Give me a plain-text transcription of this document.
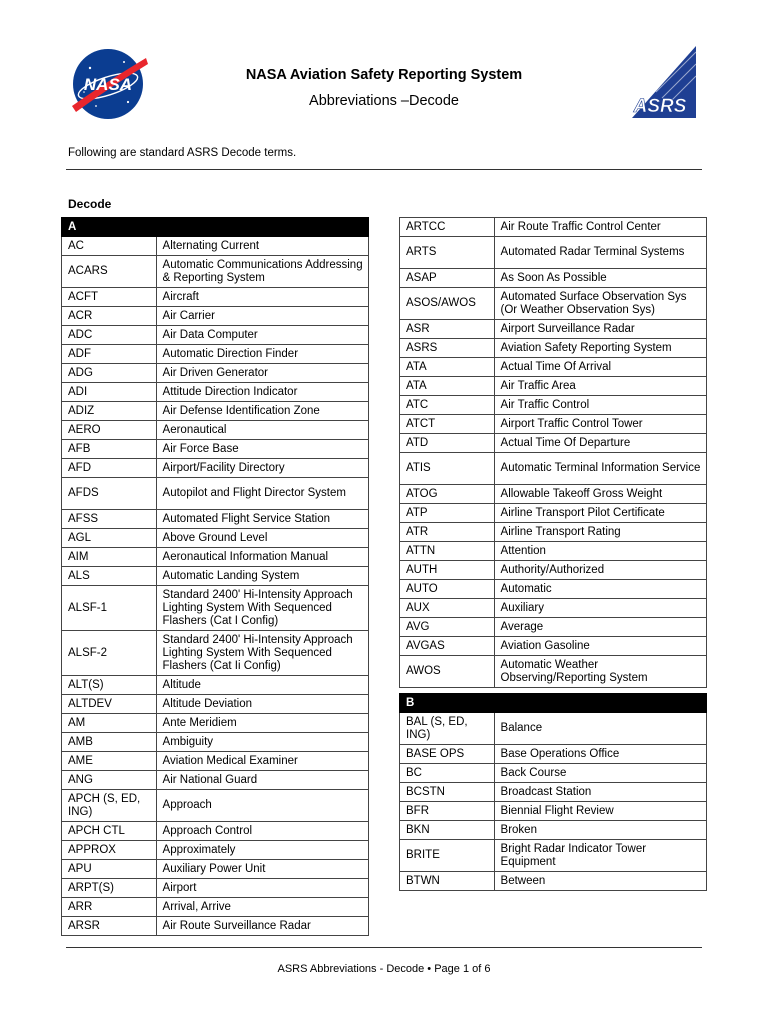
NASA
ASRS
NASA Aviation Safety Reporting System
Abbreviations –Decode
Following are standard ASRS Decode terms.
Decode
A	
AC	Alternating Current
ACARS	Automatic Communications Addressing & Reporting System
ACFT	Aircraft
ACR	Air Carrier
ADC	Air Data Computer
ADF	Automatic Direction Finder
ADG	Air Driven Generator
ADI	Attitude Direction Indicator
ADIZ	Air Defense Identification Zone
AERO	Aeronautical
AFB	Air Force Base
AFD	Airport/Facility Directory
AFDS	Autopilot and Flight Director System
AFSS	Automated Flight Service Station
AGL	Above Ground Level
AIM	Aeronautical Information Manual
ALS	Automatic Landing System
ALSF-1	Standard 2400' Hi-Intensity Approach Lighting System With Sequenced Flashers (Cat I Config)
ALSF-2	Standard 2400' Hi-Intensity Approach Lighting System With Sequenced Flashers (Cat Ii Config)
ALT(S)	Altitude
ALTDEV	Altitude Deviation
AM	Ante Meridiem
AMB	Ambiguity
AME	Aviation Medical Examiner
ANG	Air National Guard
APCH (S, ED, ING)	Approach
APCH CTL	Approach Control
APPROX	Approximately
APU	Auxiliary Power Unit
ARPT(S)	Airport
ARR	Arrival, Arrive
ARSR	Air Route Surveillance Radar
ARTCC	Air Route Traffic Control Center
ARTS	Automated Radar Terminal Systems
ASAP	As Soon As Possible
ASOS/AWOS	Automated Surface Observation Sys (Or Weather Observation Sys)
ASR	Airport Surveillance Radar
ASRS	Aviation Safety Reporting System
ATA	Actual Time Of Arrival
ATA	Air Traffic Area
ATC	Air Traffic Control
ATCT	Airport Traffic Control Tower
ATD	Actual Time Of Departure
ATIS	Automatic Terminal Information Service
ATOG	Allowable Takeoff Gross Weight
ATP	Airline Transport Pilot Certificate
ATR	Airline Transport Rating
ATTN	Attention
AUTH	Authority/Authorized
AUTO	Automatic
AUX	Auxiliary
AVG	Average
AVGAS	Aviation Gasoline
AWOS	Automatic Weather Observing/Reporting System
B	
BAL (S, ED, ING)	Balance
BASE OPS	Base Operations Office
BC	Back Course
BCSTN	Broadcast Station
BFR	Biennial Flight Review
BKN	Broken
BRITE	Bright Radar Indicator Tower Equipment
BTWN	Between
ASRS Abbreviations - Decode • Page 1 of 6
